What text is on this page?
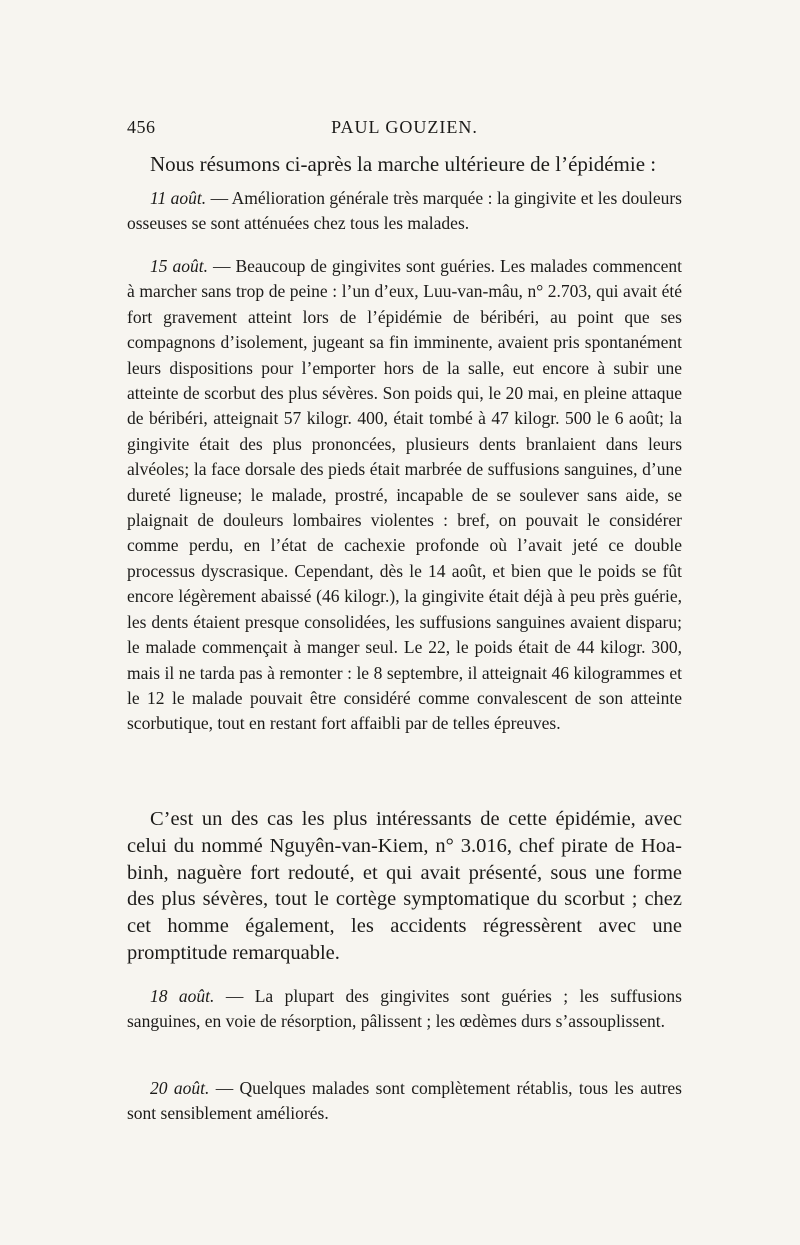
456	PAUL GOUZIEN.

Nous résumons ci-après la marche ultérieure de l’épidémie :

11 août. — Amélioration générale très marquée : la gingivite et les douleurs osseuses se sont atténuées chez tous les malades.

15 août. — Beaucoup de gingivites sont guéries. Les malades commencent à marcher sans trop de peine : l’un d’eux, Luu-van-mâu, n° 2.703, qui avait été fort gravement atteint lors de l’épidémie de béribéri, au point que ses compagnons d’isolement, jugeant sa fin imminente, avaient pris spontanément leurs dispositions pour l’emporter hors de la salle, eut encore à subir une atteinte de scorbut des plus sévères. Son poids qui, le 20 mai, en pleine attaque de béribéri, atteignait 57 kilogr. 400, était tombé à 47 kilogr. 500 le 6 août; la gingivite était des plus prononcées, plusieurs dents branlaient dans leurs alvéoles; la face dorsale des pieds était marbrée de suffusions sanguines, d’une dureté ligneuse; le malade, prostré, incapable de se soulever sans aide, se plaignait de douleurs lombaires violentes : bref, on pouvait le considérer comme perdu, en l’état de cachexie profonde où l’avait jeté ce double processus dyscrasique. Cependant, dès le 14 août, et bien que le poids se fût encore légèrement abaissé (46 kilogr.), la gingivite était déjà à peu près guérie, les dents étaient presque consolidées, les suffusions sanguines avaient disparu; le malade commençait à manger seul. Le 22, le poids était de 44 kilogr. 300, mais il ne tarda pas à remonter : le 8 septembre, il atteignait 46 kilogrammes et le 12 le malade pouvait être considéré comme convalescent de son atteinte scorbutique, tout en restant fort affaibli par de telles épreuves.

C’est un des cas les plus intéressants de cette épidémie, avec celui du nommé Nguyên-van-Kiem, n° 3.016, chef pirate de Hoa-binh, naguère fort redouté, et qui avait présenté, sous une forme des plus sévères, tout le cortège symptomatique du scorbut ; chez cet homme également, les accidents régressèrent avec une promptitude remarquable.

18 août. — La plupart des gingivites sont guéries ; les suffusions sanguines, en voie de résorption, pâlissent ; les œdèmes durs s’assouplissent.

20 août. — Quelques malades sont complètement rétablis, tous les autres sont sensiblement améliorés.
